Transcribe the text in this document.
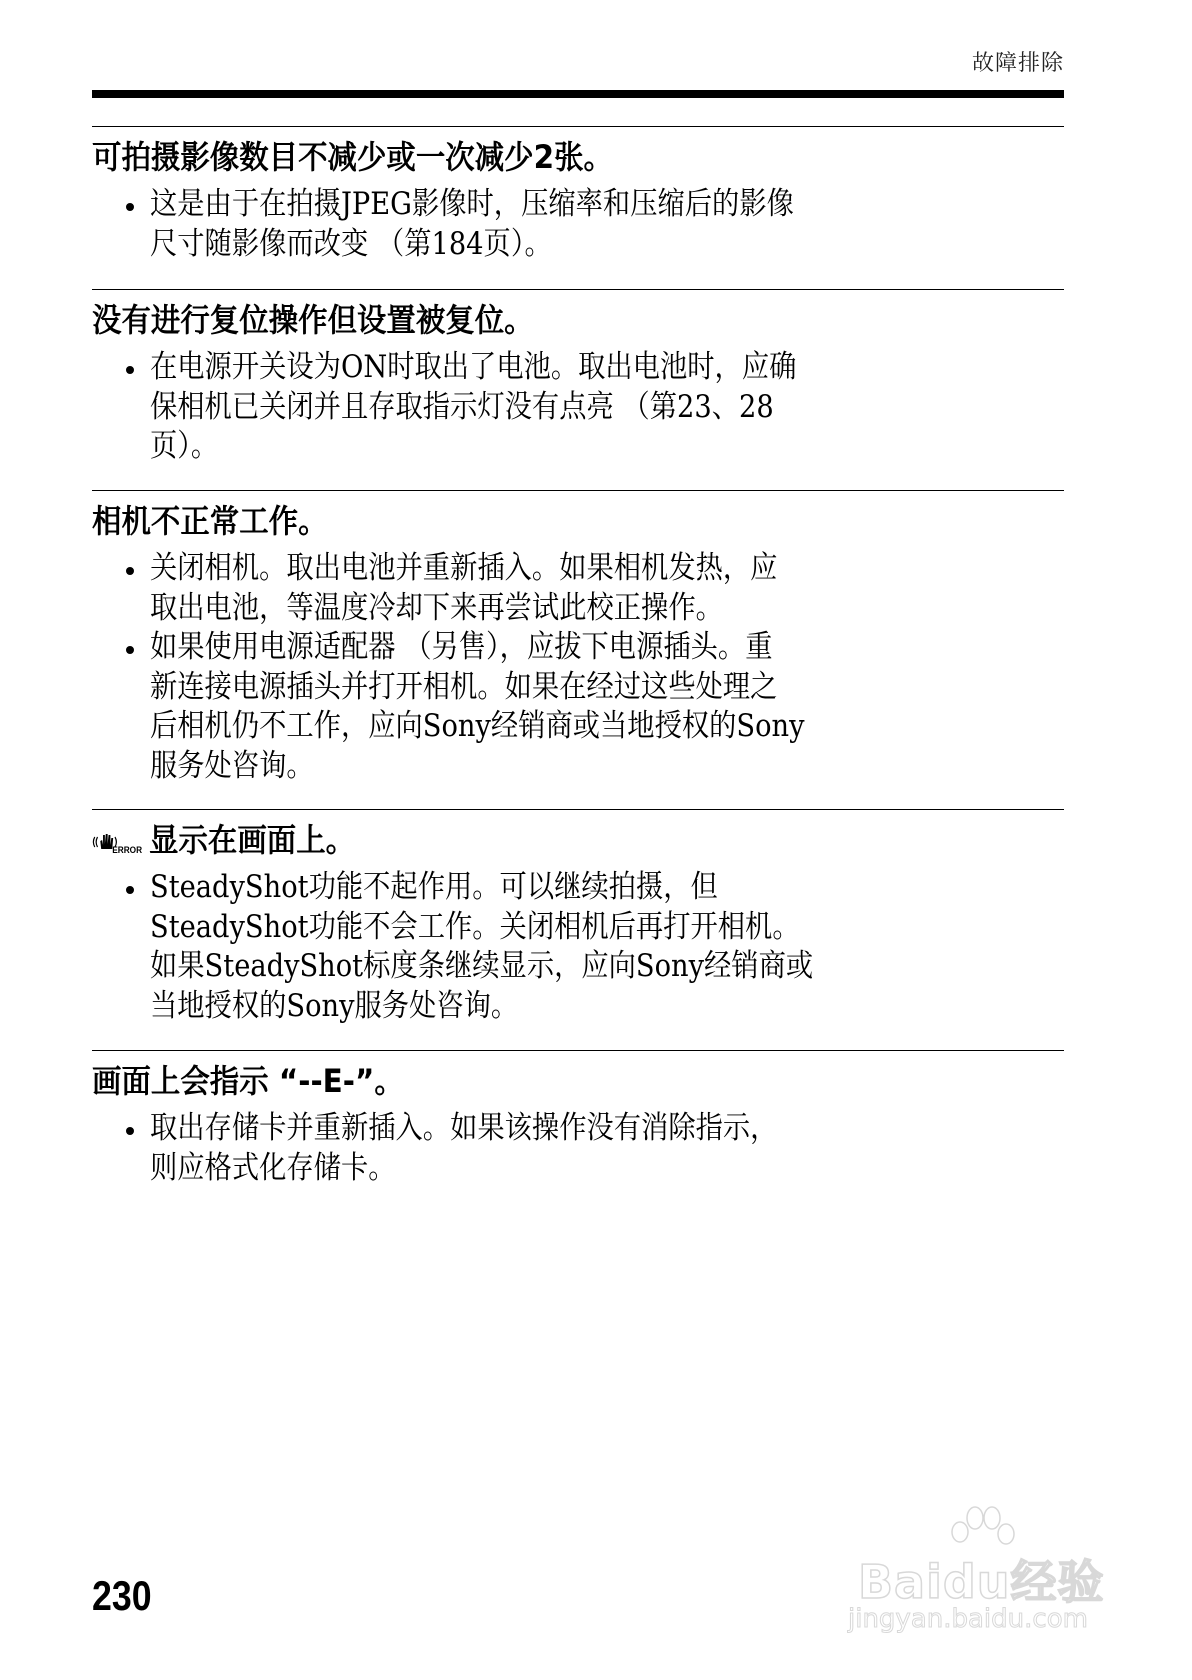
故障排除
可拍摄影像数目不减少或一次减少2张。
这是由于在拍摄JPEG影像时，压缩率和压缩后的影像
尺寸随影像而改变 （第184页）。
没有进行复位操作但设置被复位。
在电源开关设为ON时取出了电池。取出电池时，应确
保相机已关闭并且存取指示灯没有点亮 （第23、28
页）。
相机不正常工作。
关闭相机。取出电池并重新插入。如果相机发热，应
取出电池，等温度冷却下来再尝试此校正操作。
如果使用电源适配器 （另售），应拔下电源插头。重
新连接电源插头并打开相机。如果在经过这些处理之
后相机仍不工作，应向Sony经销商或当地授权的Sony
服务处咨询。
ERROR 显示在画面上。
SteadyShot功能不起作用。可以继续拍摄，但
SteadyShot功能不会工作。关闭相机后再打开相机。
如果SteadyShot标度条继续显示，应向Sony经销商或
当地授权的Sony服务处咨询。
画面上会指示 “--E-”。
取出存储卡并重新插入。如果该操作没有消除指示，
则应格式化存储卡。
230	Baidu经验
jingyan.baidu.com
